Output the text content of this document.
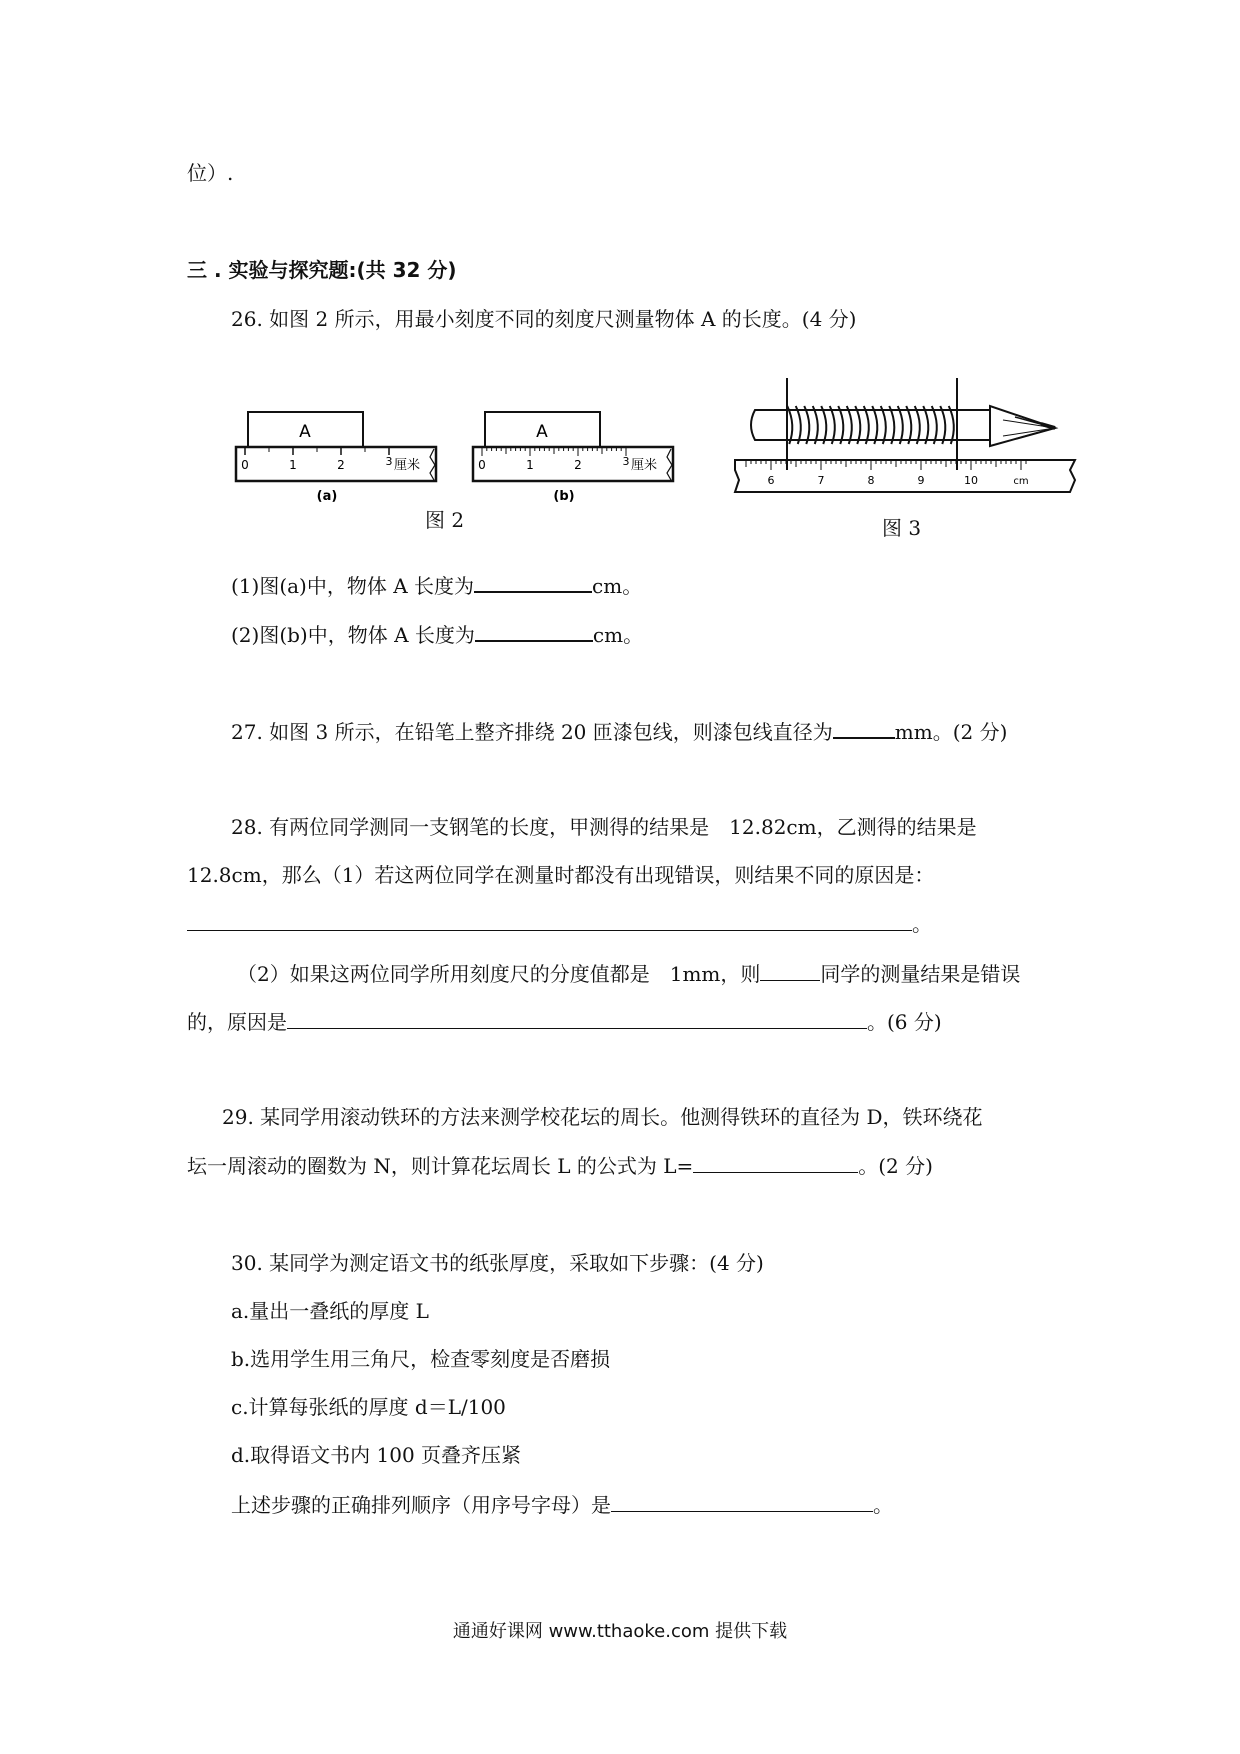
位）.
三 . 实验与探究题:(共 32 分)
26. 如图 2 所示，用最小刻度不同的刻度尺测量物体 A 的长度。(4 分)
A
0	1	2	3 厘米
(a)
A
0	1	2	3 厘米
(b)
图 2
6	7	8	9	10	cm
图 3
(1)图(a)中，物体 A 长度为	cm。
(2)图(b)中，物体 A 长度为	cm。
27. 如图 3 所示，在铅笔上整齐排绕 20 匝漆包线，则漆包线直径为	mm。(2 分)
28. 有两位同学测同一支钢笔的长度，甲测得的结果是　12.82cm，乙测得的结果是
12.8cm，那么（1）若这两位同学在测量时都没有出现错误，则结果不同的原因是：
。
（2）如果这两位同学所用刻度尺的分度值都是　1mm，则	同学的测量结果是错误
的，原因是	。(6 分)
29. 某同学用滚动铁环的方法来测学校花坛的周长。他测得铁环的直径为 D，铁环绕花
坛一周滚动的圈数为 N，则计算花坛周长 L 的公式为 L=	。(2 分)
30. 某同学为测定语文书的纸张厚度，采取如下步骤：(4 分)
a.量出一叠纸的厚度 L
b.选用学生用三角尺，检查零刻度是否磨损
c.计算每张纸的厚度 d＝L/100
d.取得语文书内 100 页叠齐压紧
上述步骤的正确排列顺序（用序号字母）是	。
通通好课网 www.tthaoke.com 提供下载
